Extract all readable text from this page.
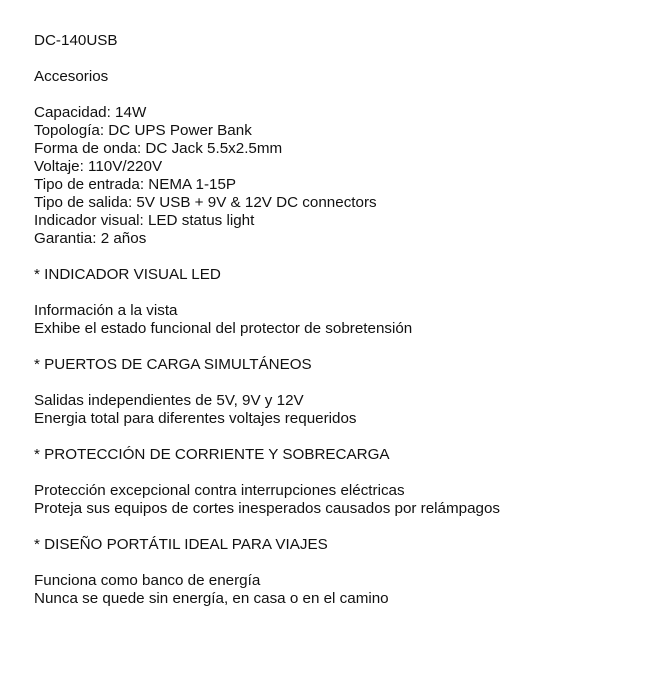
DC-140USB
Accesorios
Capacidad: 14W
Topología: DC UPS Power Bank
Forma de onda: DC Jack 5.5x2.5mm
Voltaje: 110V/220V
Tipo de entrada: NEMA 1-15P
Tipo de salida: 5V USB + 9V & 12V DC connectors
Indicador visual: LED status light
Garantia: 2 años
* INDICADOR VISUAL LED
Información a la vista
Exhibe el estado funcional del protector de sobretensión
* PUERTOS DE CARGA SIMULTÁNEOS
Salidas independientes de 5V, 9V y 12V
Energia total para diferentes voltajes requeridos
* PROTECCIÓN DE CORRIENTE Y SOBRECARGA
Protección excepcional contra interrupciones eléctricas
Proteja sus equipos de cortes inesperados causados por relámpagos
* DISEÑO PORTÁTIL IDEAL PARA VIAJES
Funciona como banco de energía
Nunca se quede sin energía, en casa o en el camino
